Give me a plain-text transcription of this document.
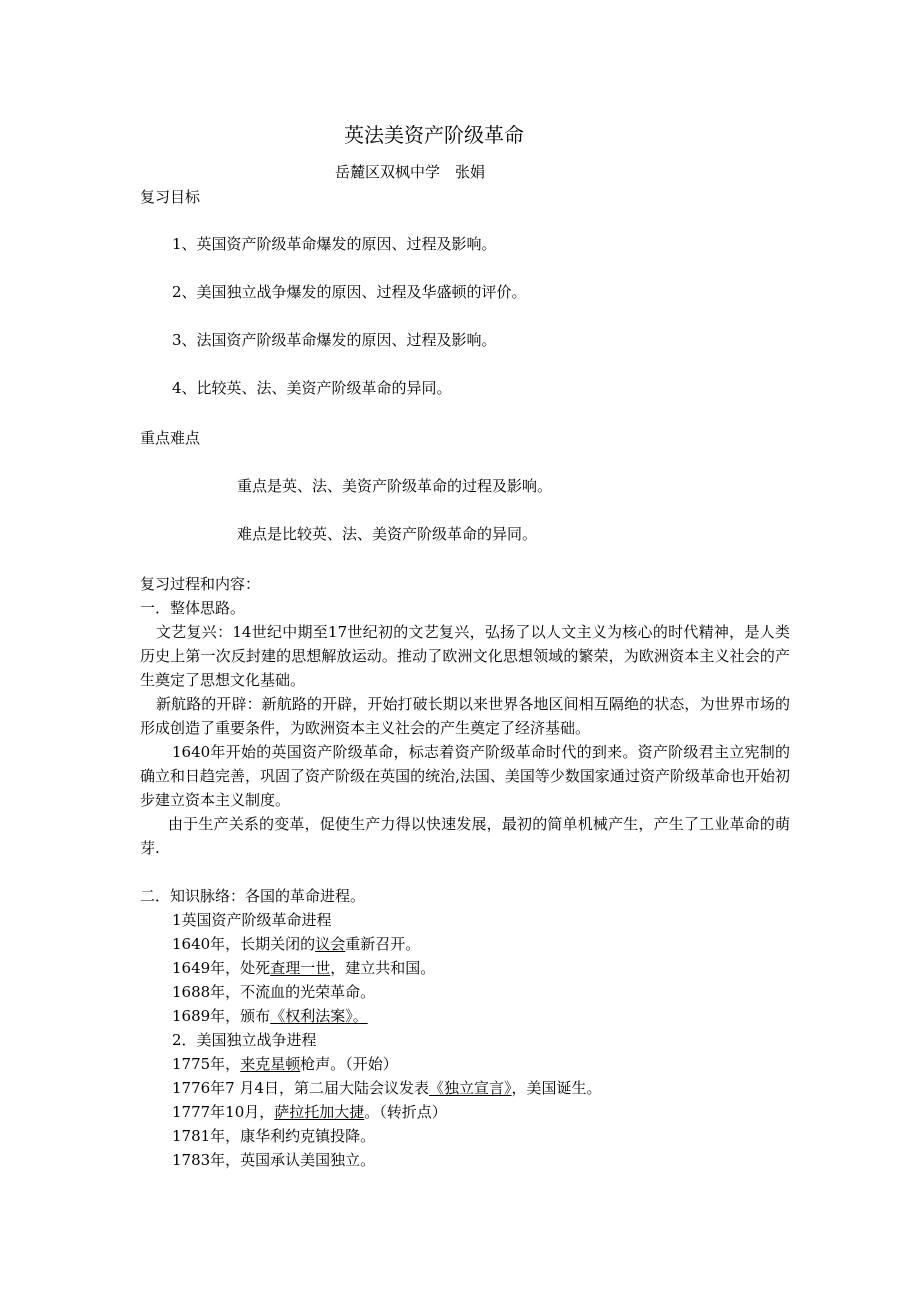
英法美资产阶级革命
岳麓区双枫中学　张娟
复习目标
1、英国资产阶级革命爆发的原因、过程及影响。
2、美国独立战争爆发的原因、过程及华盛顿的评价。
3、法国资产阶级革命爆发的原因、过程及影响。
4、比较英、法、美资产阶级革命的异同。
重点难点
重点是英、法、美资产阶级革命的过程及影响。
难点是比较英、法、美资产阶级革命的异同。
复习过程和内容：
一．整体思路。
文艺复兴：14世纪中期至17世纪初的文艺复兴，弘扬了以人文主义为核心的时代精神，是人类历史上第一次反封建的思想解放运动。推动了欧洲文化思想领域的繁荣，为欧洲资本主义社会的产生奠定了思想文化基础。
新航路的开辟：新航路的开辟，开始打破长期以来世界各地区间相互隔绝的状态，为世界市场的形成创造了重要条件，为欧洲资本主义社会的产生奠定了经济基础。
1640年开始的英国资产阶级革命，标志着资产阶级革命时代的到来。资产阶级君主立宪制的确立和日趋完善，巩固了资产阶级在英国的统治,法国、美国等少数国家通过资产阶级革命也开始初步建立资本主义制度。
由于生产关系的变革，促使生产力得以快速发展，最初的简单机械产生，产生了工业革命的萌芽.
二．知识脉络：各国的革命进程。
1英国资产阶级革命进程
1640年，长期关闭的议会重新召开。
1649年，处死查理一世，建立共和国。
1688年，不流血的光荣革命。
1689年，颁布《权利法案》。
2．美国独立战争进程
1775年，来克星顿枪声。（开始）
1776年7 月4日，第二届大陆会议发表《独立宣言》，美国诞生。
1777年10月，萨拉托加大捷。（转折点）
1781年，康华利约克镇投降。
1783年，英国承认美国独立。
